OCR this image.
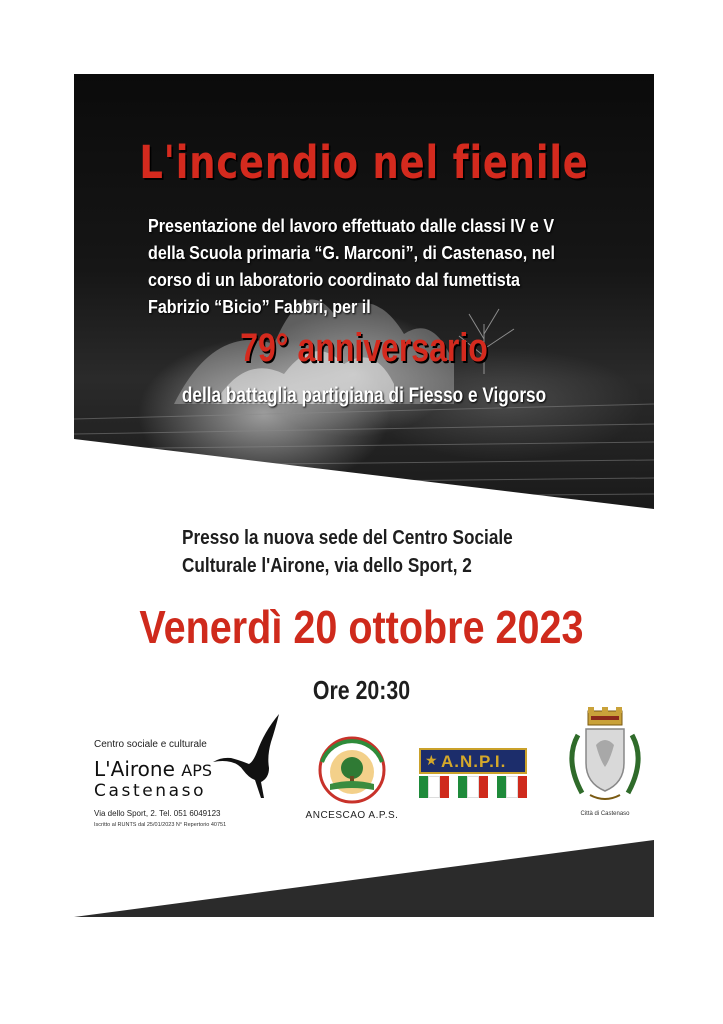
L'incendio nel fienile
Presentazione del lavoro effettuato dalle classi IV e V
della Scuola primaria “G. Marconi”, di Castenaso, nel
corso di un laboratorio coordinato dal fumettista
Fabrizio “Bicio” Fabbri, per il
79° anniversario
della battaglia partigiana di Fiesso e Vigorso
Presso la nuova sede del Centro Sociale
Culturale l'Airone, via dello Sport, 2
Venerdì 20 ottobre 2023
Ore 20:30
Centro sociale e culturale
L'Airone APS
Castenaso
Via dello Sport, 2. Tel. 051 6049123
Iscritto al RUNTS dal 25/01/2023 N° Repertorio 40751
ANCESCAO A.P.S.
★ A.N.P.I.
Città di Castenaso
